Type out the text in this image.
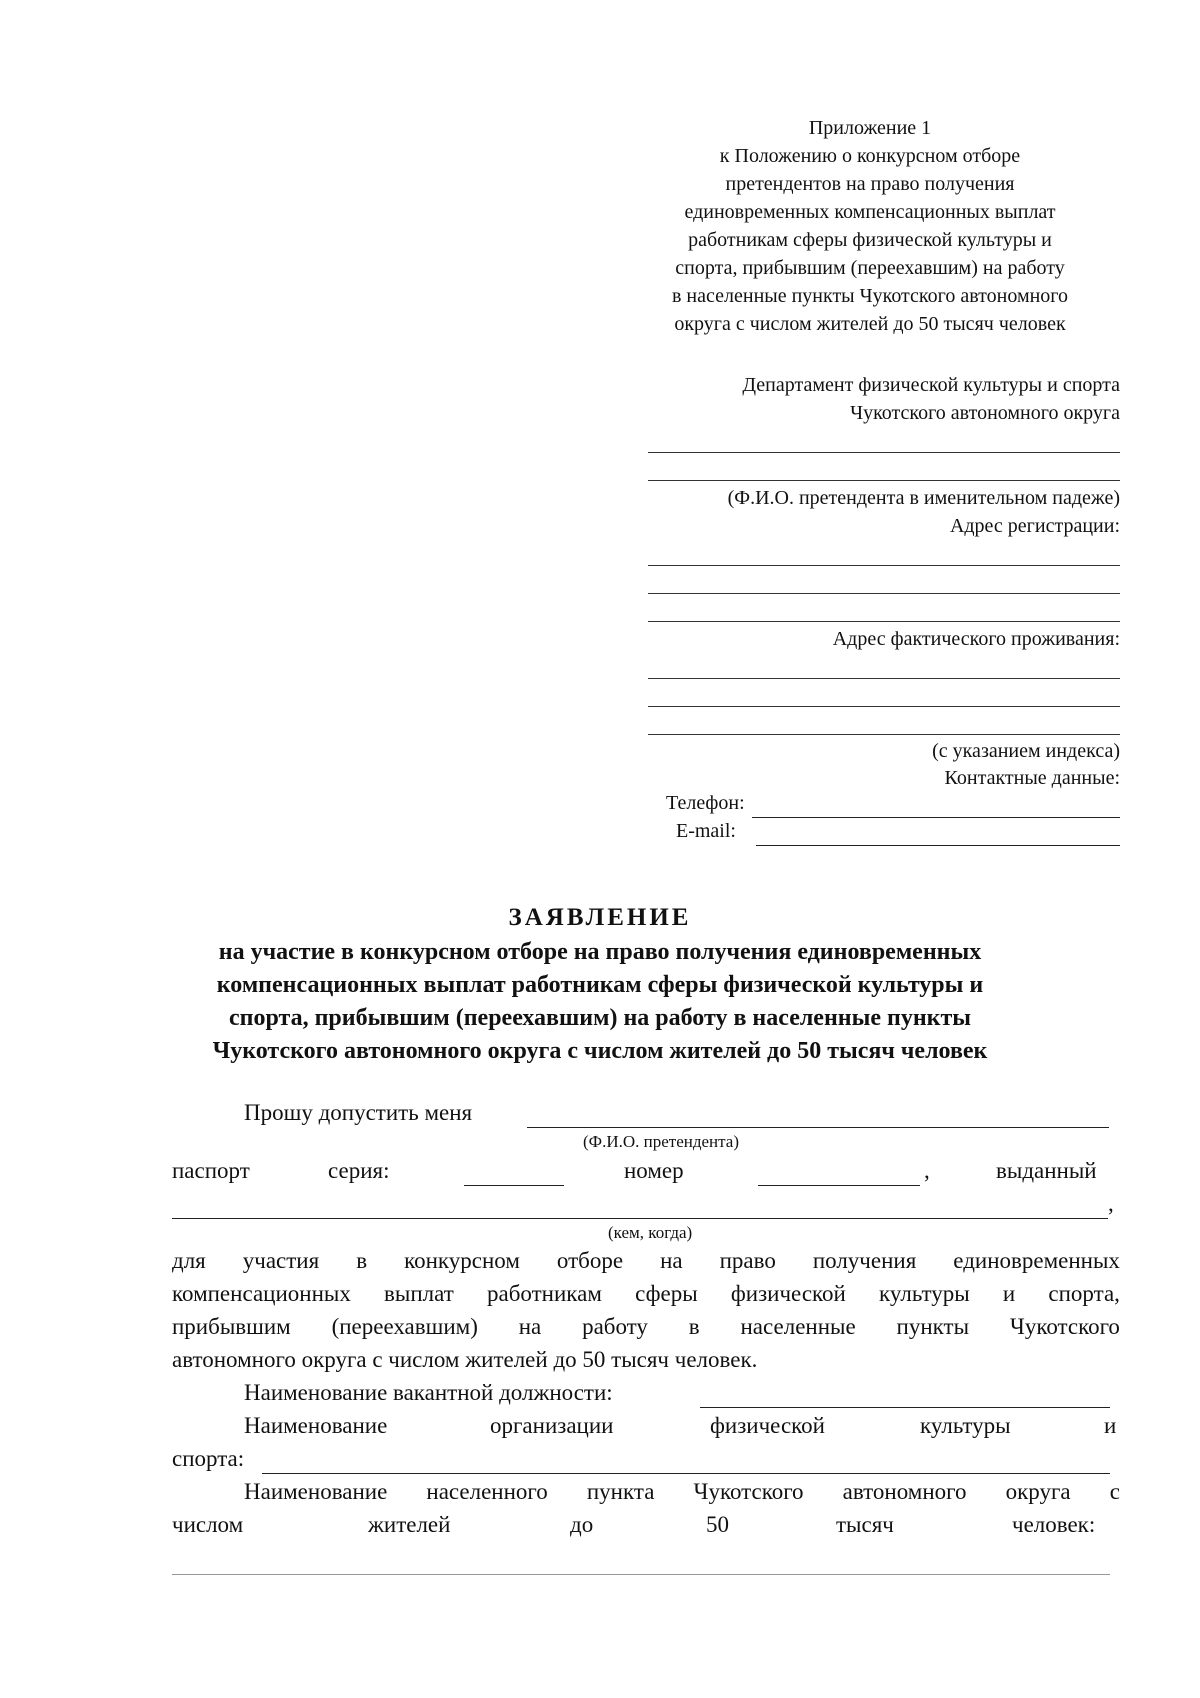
Приложение 1
к Положению о конкурсном отборе
претендентов на право получения
единовременных компенсационных выплат
работникам сферы физической культуры и
спорта, прибывшим (переехавшим) на работу
в населенные пункты Чукотского автономного
округа с числом жителей до 50 тысяч человек
Департамент физической культуры и спорта
Чукотского автономного округа
(Ф.И.О. претендента в именительном падеже)
Адрес регистрации:
Адрес фактического проживания:
(с указанием индекса)
Контактные данные:
Телефон:
E-mail:
ЗАЯВЛЕНИЕ
на участие в конкурсном отборе на право получения единовременных
компенсационных выплат работникам сферы физической культуры и
спорта, прибывшим (переехавшим) на работу в населенные пункты
Чукотского автономного округа с числом жителей до 50 тысяч человек
Прошу допустить меня
(Ф.И.О. претендента)
паспорт	серия:	номер	,	выданный
,
(кем, когда)
для участия в конкурсном отборе на право получения единовременных
компенсационных выплат работникам сферы физической культуры и спорта,
прибывшим (переехавшим) на работу в населенные пункты Чукотского
автономного округа с числом жителей до 50 тысяч человек.
Наименование вакантной должности:
Наименование	организации	физической	культуры	и
спорта:
Наименование населенного пункта Чукотского автономного округа с
числом	жителей	до	50	тысяч	человек:
